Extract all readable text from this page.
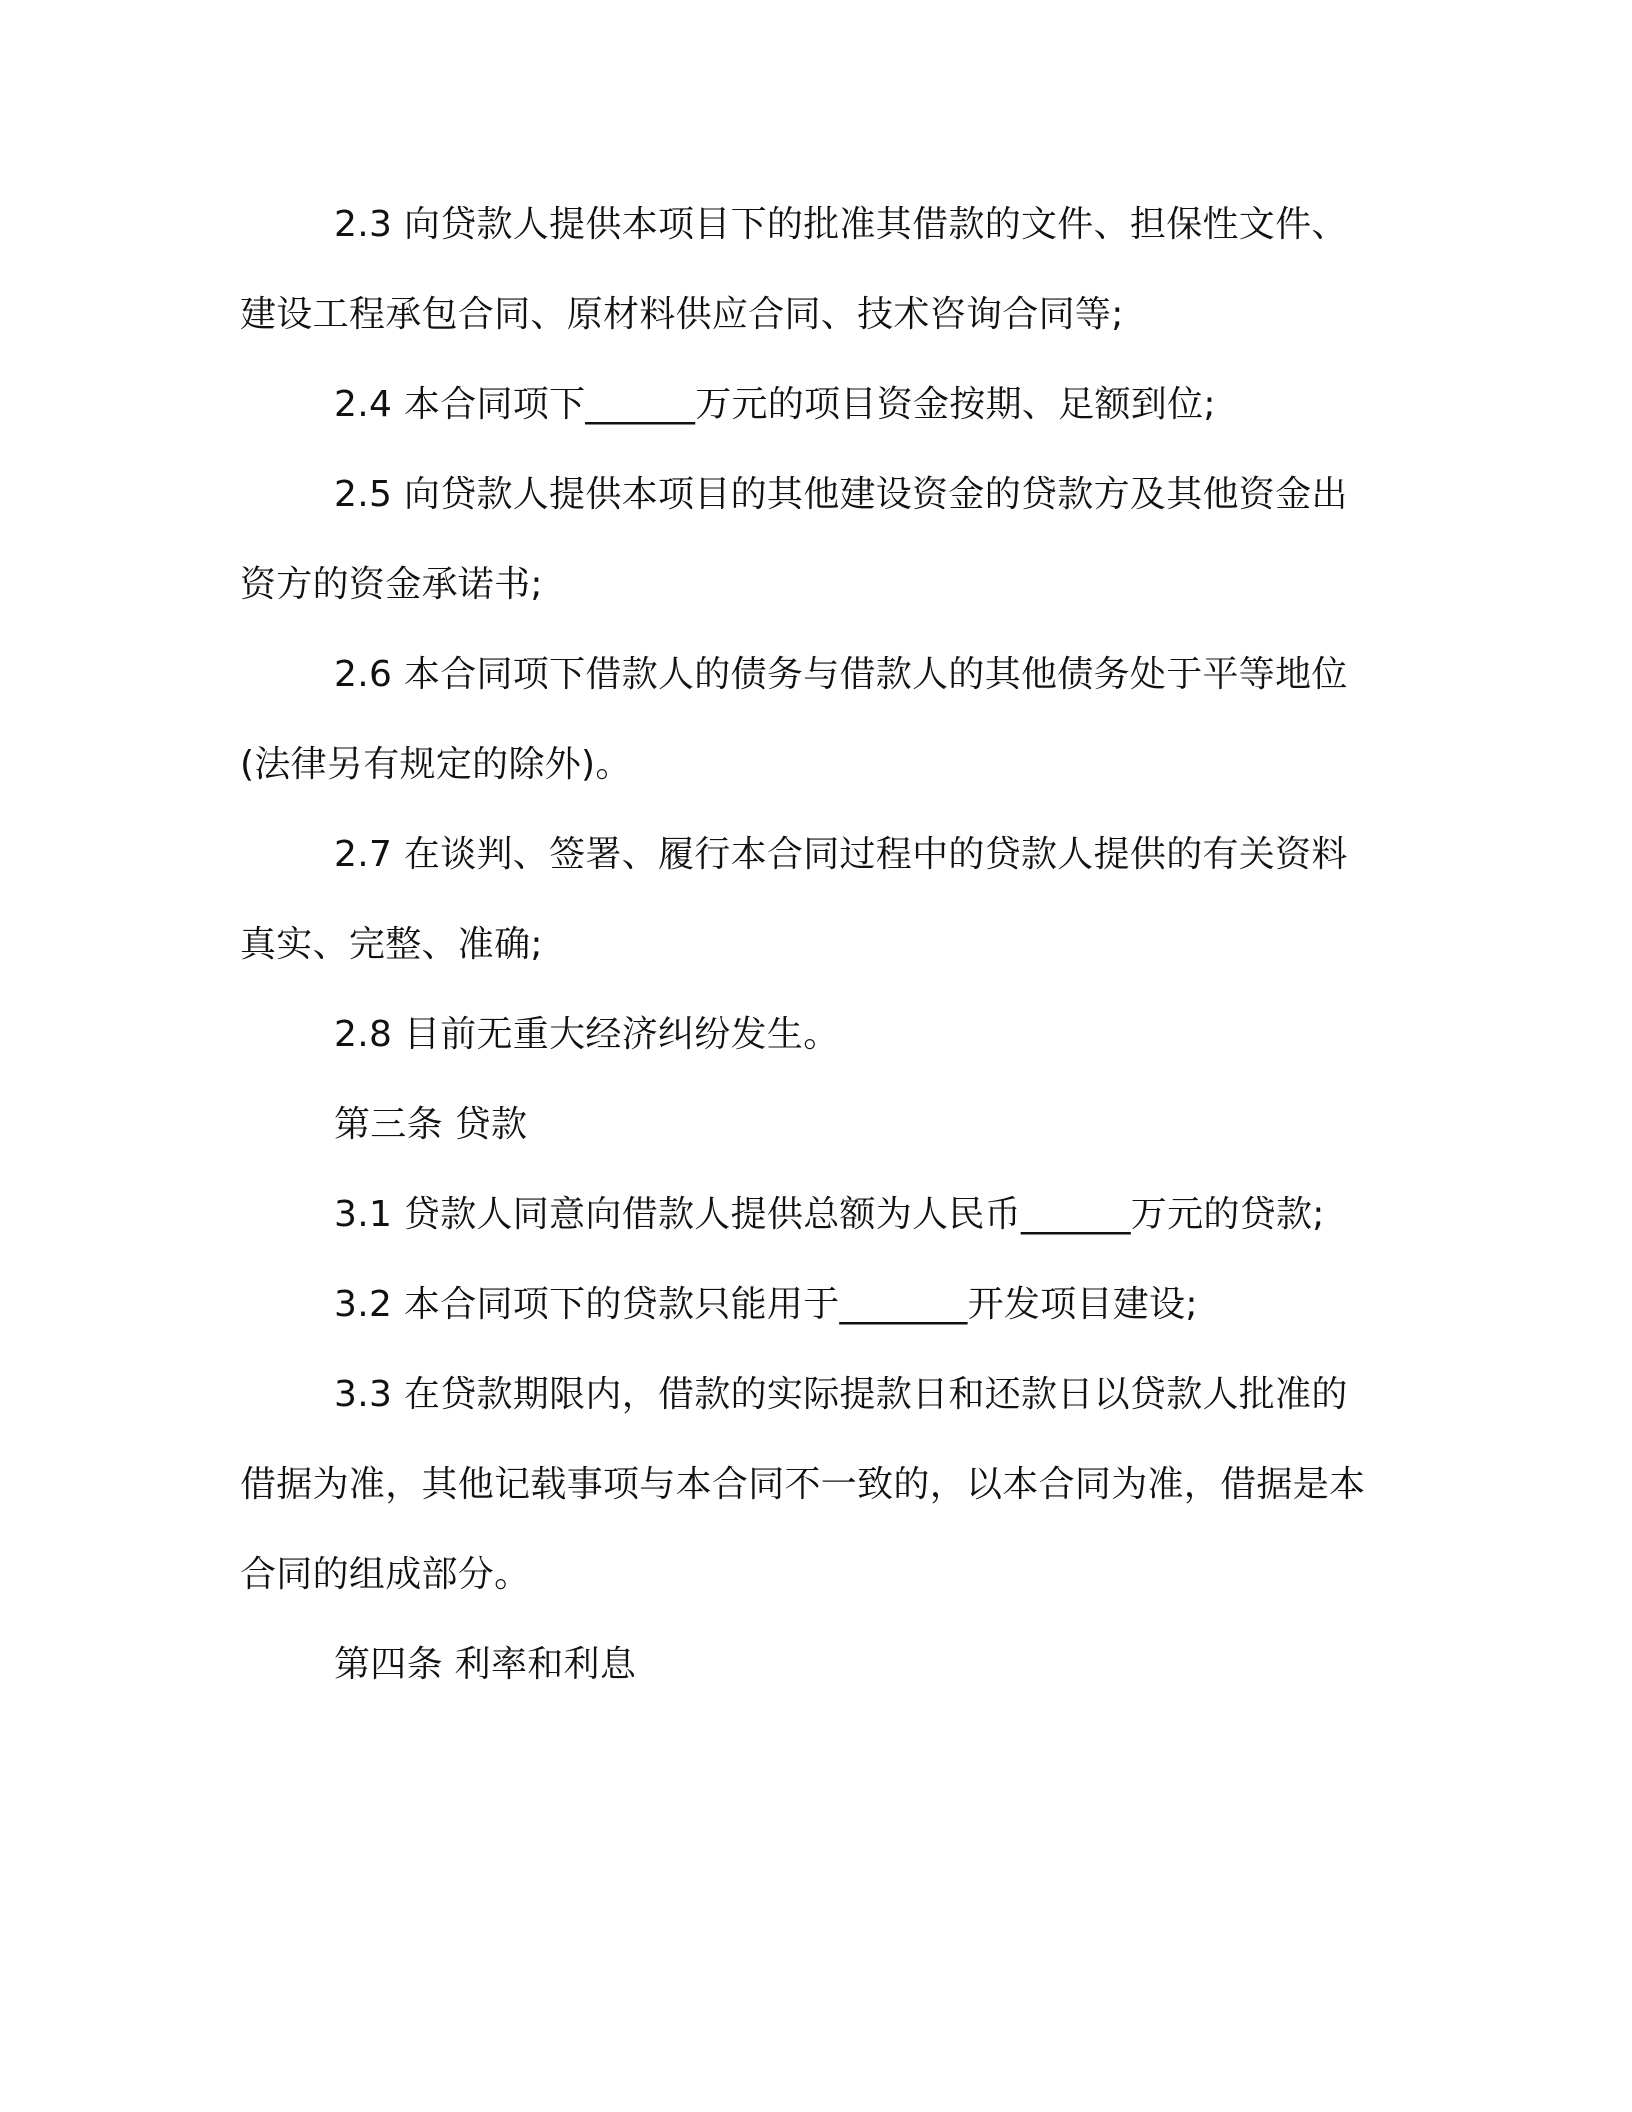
2.3 向贷款人提供本项目下的批准其借款的文件、担保性文件、建设工程承包合同、原材料供应合同、技术咨询合同等;

2.4 本合同项下______万元的项目资金按期、足额到位;

2.5 向贷款人提供本项目的其他建设资金的贷款方及其他资金出资方的资金承诺书;

2.6 本合同项下借款人的债务与借款人的其他债务处于平等地位(法律另有规定的除外)。

2.7 在谈判、签署、履行本合同过程中的贷款人提供的有关资料真实、完整、准确;

2.8 目前无重大经济纠纷发生。

第三条 贷款

3.1 贷款人同意向借款人提供总额为人民币______万元的贷款;

3.2 本合同项下的贷款只能用于_______开发项目建设;

3.3 在贷款期限内，借款的实际提款日和还款日以贷款人批准的借据为准，其他记载事项与本合同不一致的，以本合同为准，借据是本合同的组成部分。

第四条 利率和利息
